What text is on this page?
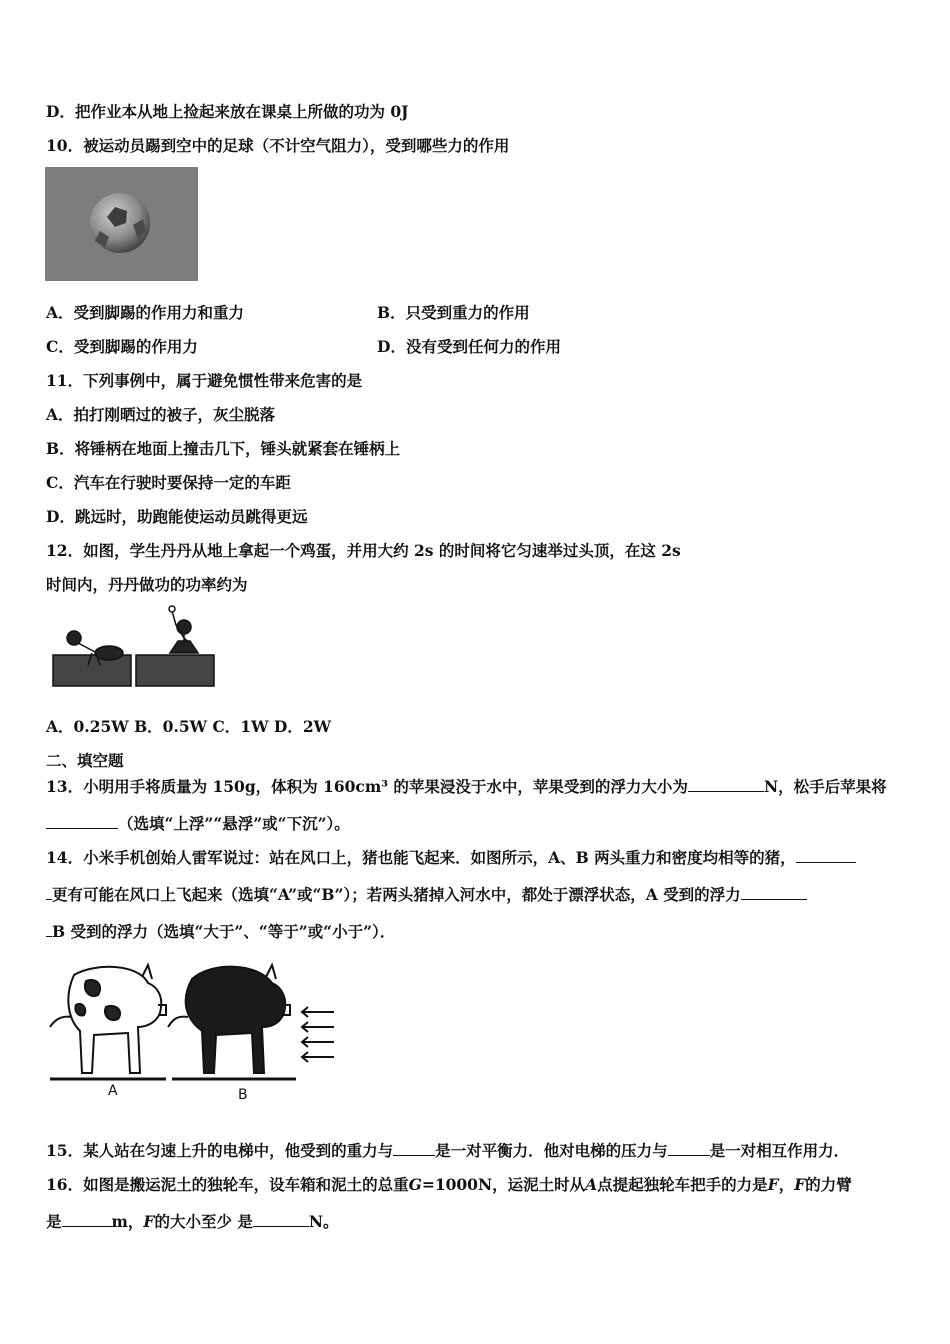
D．把作业本从地上捡起来放在课桌上所做的功为 0J
10．被运动员踢到空中的足球（不计空气阻力），受到哪些力的作用
A．受到脚踢的作用力和重力	B．只受到重力的作用
C．受到脚踢的作用力	D．没有受到任何力的作用
11．下列事例中，属于避免惯性带来危害的是
A．拍打刚晒过的被子，灰尘脱落
B．将锤柄在地面上撞击几下，锤头就紧套在锤柄上
C．汽车在行驶时要保持一定的车距
D．跳远时，助跑能使运动员跳得更远
12．如图，学生丹丹从地上拿起一个鸡蛋，并用大约 2s 的时间将它匀速举过头顶，在这 2s
时间内，丹丹做功的功率约为
A．0.25W B．0.5W C．1W D．2W
二、填空题
13．小明用手将质量为 150g，体积为 160cm³ 的苹果浸没于水中，苹果受到的浮力大小为	N，松手后苹果将
（选填“上浮”“悬浮”或“下沉”）。
14．小米手机创始人雷军说过：站在风口上，猪也能飞起来．如图所示，A、B 两头重力和密度均相等的猪，
更有可能在风口上飞起来（选填“A”或“B”）；若两头猪掉入河水中，都处于漂浮状态，A 受到的浮力
B 受到的浮力（选填“大于”、“等于”或“小于”）．
A	B
15．某人站在匀速上升的电梯中，他受到的重力与	是一对平衡力．他对电梯的压力与	是一对相互作用力．
16．如图是搬运泥土的独轮车，设车箱和泥土的总重G=1000N，运泥土时从A点提起独轮车把手的力是F，F的力臂
是	m，F的大小至少 是	N。
